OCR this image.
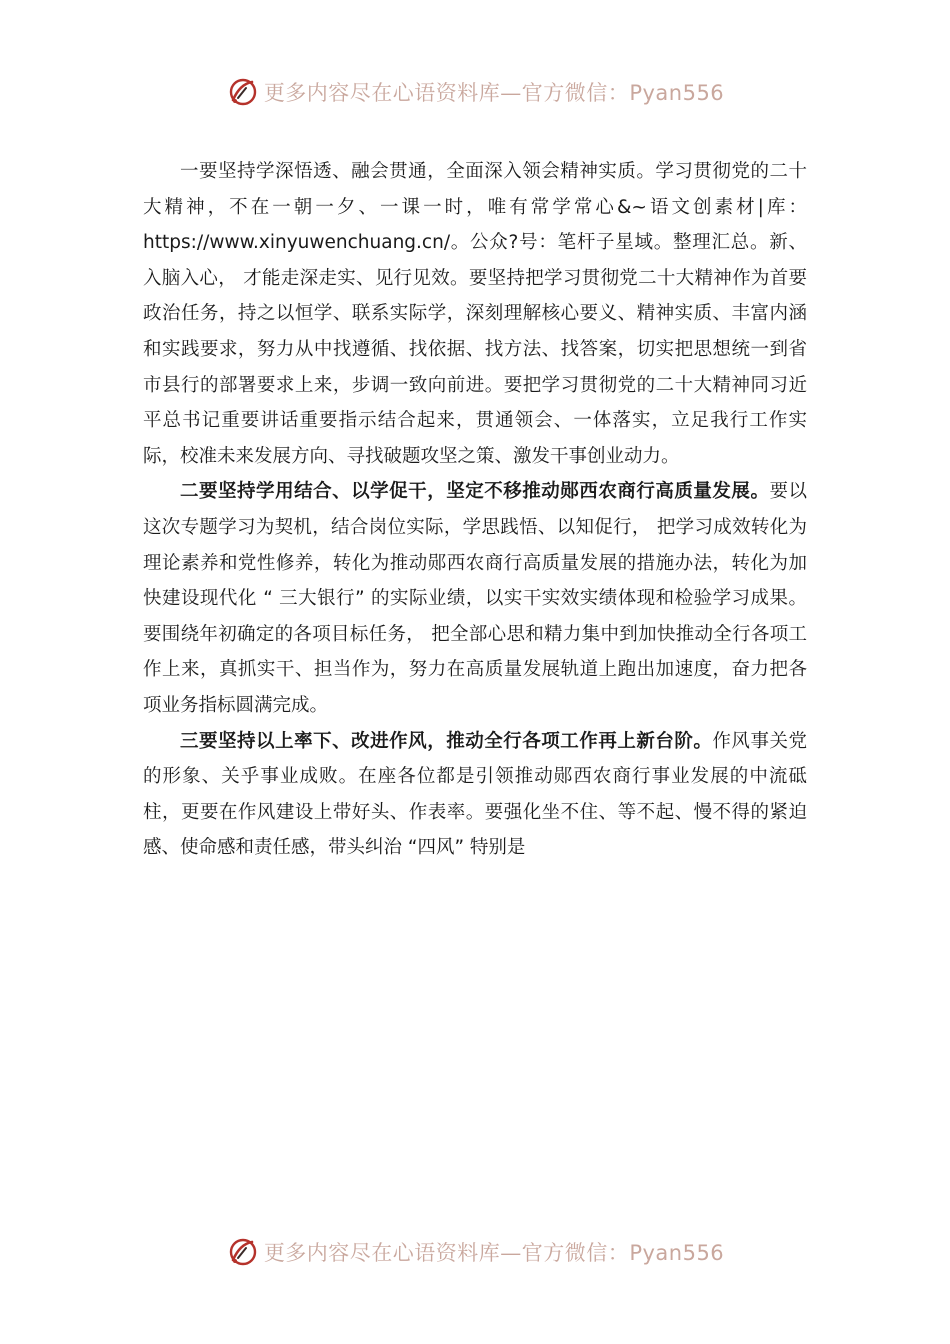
更多内容尽在心语资料库—官方微信：Pyan556

一要坚持学深悟透、融会贯通，全面深入领会精神实质。学习贯彻党的二十大精神，不在一朝一夕、一课一时，唯有常学常心&~语文创素材|库：https://www.xinyuwenchuang.cn/。公众?号：笔杆子星域。整理汇总。新、入脑入心， 才能走深走实、见行见效。要坚持把学习贯彻党二十大精神作为首要政治任务，持之以恒学、联系实际学，深刻理解核心要义、精神实质、丰富内涵和实践要求，努力从中找遵循、找依据、找方法、找答案，切实把思想统一到省市县行的部署要求上来，步调一致向前进。要把学习贯彻党的二十大精神同习近平总书记重要讲话重要指示结合起来，贯通领会、一体落实，立足我行工作实际，校准未来发展方向、寻找破题攻坚之策、激发干事创业动力。

二要坚持学用结合、以学促干，坚定不移推动郧西农商行高质量发展。要以这次专题学习为契机，结合岗位实际，学思践悟、以知促行， 把学习成效转化为理论素养和党性修养，转化为推动郧西农商行高质量发展的措施办法，转化为加快建设现代化 “ 三大银行” 的实际业绩，以实干实效实绩体现和检验学习成果。要围绕年初确定的各项目标任务， 把全部心思和精力集中到加快推动全行各项工作上来，真抓实干、担当作为，努力在高质量发展轨道上跑出加速度，奋力把各项业务指标圆满完成。

三要坚持以上率下、改进作风，推动全行各项工作再上新台阶。作风事关党的形象、关乎事业成败。在座各位都是引领推动郧西农商行事业发展的中流砥柱，更要在作风建设上带好头、作表率。要强化坐不住、等不起、慢不得的紧迫感、使命感和责任感，带头纠治 “四风” 特别是

更多内容尽在心语资料库—官方微信：Pyan556
